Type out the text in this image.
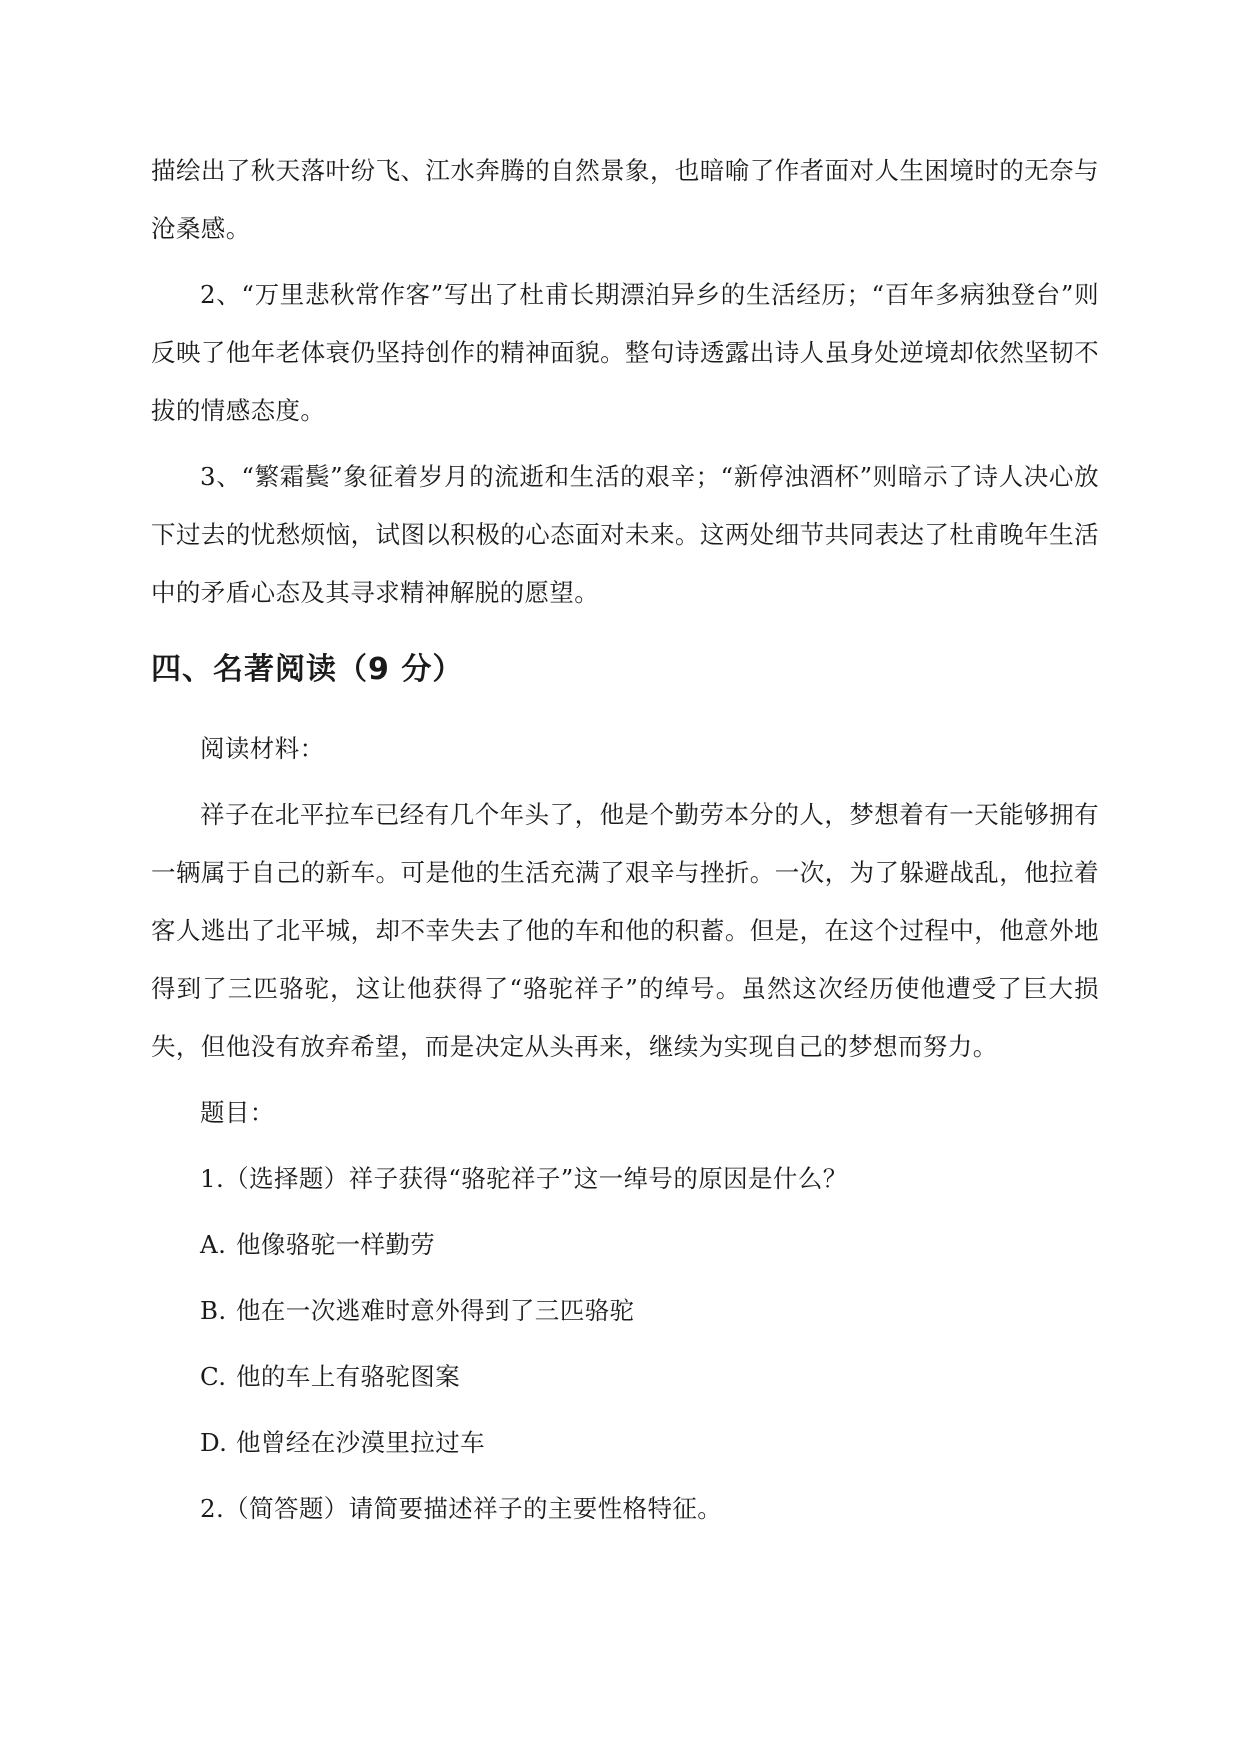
描绘出了秋天落叶纷飞、江水奔腾的自然景象，也暗喻了作者面对人生困境时的无奈与沧桑感。

2、“万里悲秋常作客”写出了杜甫长期漂泊异乡的生活经历；“百年多病独登台”则反映了他年老体衰仍坚持创作的精神面貌。整句诗透露出诗人虽身处逆境却依然坚韧不拔的情感态度。

3、“繁霜鬓”象征着岁月的流逝和生活的艰辛；“新停浊酒杯”则暗示了诗人决心放下过去的忧愁烦恼，试图以积极的心态面对未来。这两处细节共同表达了杜甫晚年生活中的矛盾心态及其寻求精神解脱的愿望。

四、名著阅读（9 分）

阅读材料：

祥子在北平拉车已经有几个年头了，他是个勤劳本分的人，梦想着有一天能够拥有一辆属于自己的新车。可是他的生活充满了艰辛与挫折。一次，为了躲避战乱，他拉着客人逃出了北平城，却不幸失去了他的车和他的积蓄。但是，在这个过程中，他意外地得到了三匹骆驼，这让他获得了“骆驼祥子”的绰号。虽然这次经历使他遭受了巨大损失，但他没有放弃希望，而是决定从头再来，继续为实现自己的梦想而努力。

题目：

1.（选择题）祥子获得“骆驼祥子”这一绰号的原因是什么？

A. 他像骆驼一样勤劳

B. 他在一次逃难时意外得到了三匹骆驼

C. 他的车上有骆驼图案

D. 他曾经在沙漠里拉过车

2.（简答题）请简要描述祥子的主要性格特征。
